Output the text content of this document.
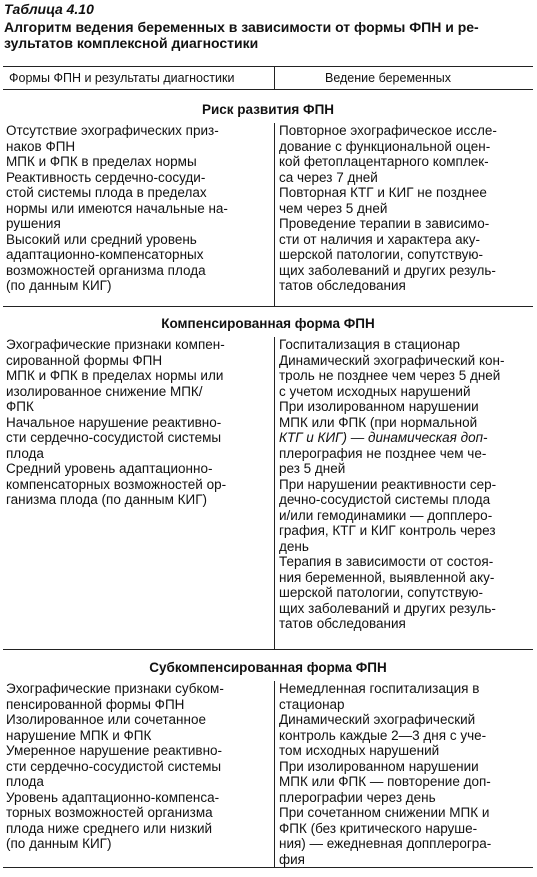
Таблица 4.10
Алгоритм ведения беременных в зависимости от формы ФПН и ре-
зультатов комплексной диагностики
Формы ФПН и результаты диагностики	Ведение беременных
Риск развития ФПН
Отсутствие эхографических приз-
наков ФПН
МПК и ФПК в пределах нормы
Реактивность сердечно-сосуди-
стой системы плода в пределах
нормы или имеются начальные на-
рушения
Высокий или средний уровень
адаптационно-компенсаторных
возможностей организма плода
(по данным КИГ)
Повторное эхографическое иссле-
дование с функциональной оцен-
кой фетоплацентарного комплек-
са через 7 дней
Повторная КТГ и КИГ не позднее
чем через 5 дней
Проведение терапии в зависимо-
сти от наличия и характера аку-
шерской патологии, сопутствую-
щих заболеваний и других резуль-
татов обследования
Компенсированная форма ФПН
Эхографические признаки компен-
сированной формы ФПН
МПК и ФПК в пределах нормы или
изолированное снижение МПК/
ФПК
Начальное нарушение реактивно-
сти сердечно-сосудистой системы
плода
Средний уровень адаптационно-
компенсаторных возможностей ор-
ганизма плода (по данным КИГ)
Госпитализация в стационар
Динамический эхографический кон-
троль не позднее чем через 5 дней
с учетом исходных нарушений
При изолированном нарушении
МПК или ФПК (при нормальной
КТГ и КИГ) — динамическая доп-
плерография не позднее чем че-
рез 5 дней
При нарушении реактивности сер-
дечно-сосудистой системы плода
и/или гемодинамики — допплеро-
графия, КТГ и КИГ контроль через
день
Терапия в зависимости от состоя-
ния беременной, выявленной аку-
шерской патологии, сопутствую-
щих заболеваний и других резуль-
татов обследования
Субкомпенсированная форма ФПН
Эхографические признаки субком-
пенсированной формы ФПН
Изолированное или сочетанное
нарушение МПК и ФПК
Умеренное нарушение реактивно-
сти сердечно-сосудистой системы
плода
Уровень адаптационно-компенса-
торных возможностей организма
плода ниже среднего или низкий
(по данным КИГ)
Немедленная госпитализация в
стационар
Динамический эхографический
контроль каждые 2—3 дня с уче-
том исходных нарушений
При изолированном нарушении
МПК или ФПК — повторение доп-
плерографии через день
При сочетанном снижении МПК и
ФПК (без критического наруше-
ния) — ежедневная допплерогра-
фия
